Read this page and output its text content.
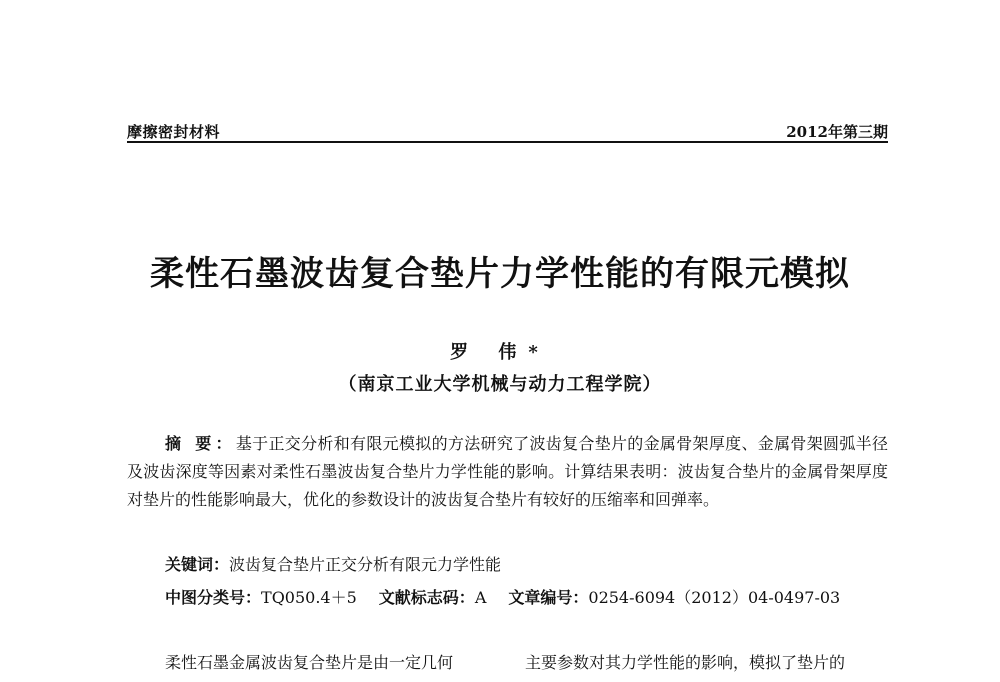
摩擦密封材料	2012年第三期
柔性石墨波齿复合垫片力学性能的有限元模拟
罗 伟*
（南京工业大学机械与动力工程学院）

摘 要：基于正交分析和有限元模拟的方法研究了波齿复合垫片的金属骨架厚度、金属骨架圆弧半径及波齿深度等因素对柔性石墨波齿复合垫片力学性能的影响。计算结果表明：波齿复合垫片的金属骨架厚度对垫片的性能影响最大，优化的参数设计的波齿复合垫片有较好的压缩率和回弹率。

关键词：波齿复合垫片正交分析有限元力学性能

中图分类号：TQ050.4＋5 文献标志码：A 文章编号：0254-6094（2012）04-0497-03

柔性石墨金属波齿复合垫片是由一定几何	主要参数对其力学性能的影响，模拟了垫片的
